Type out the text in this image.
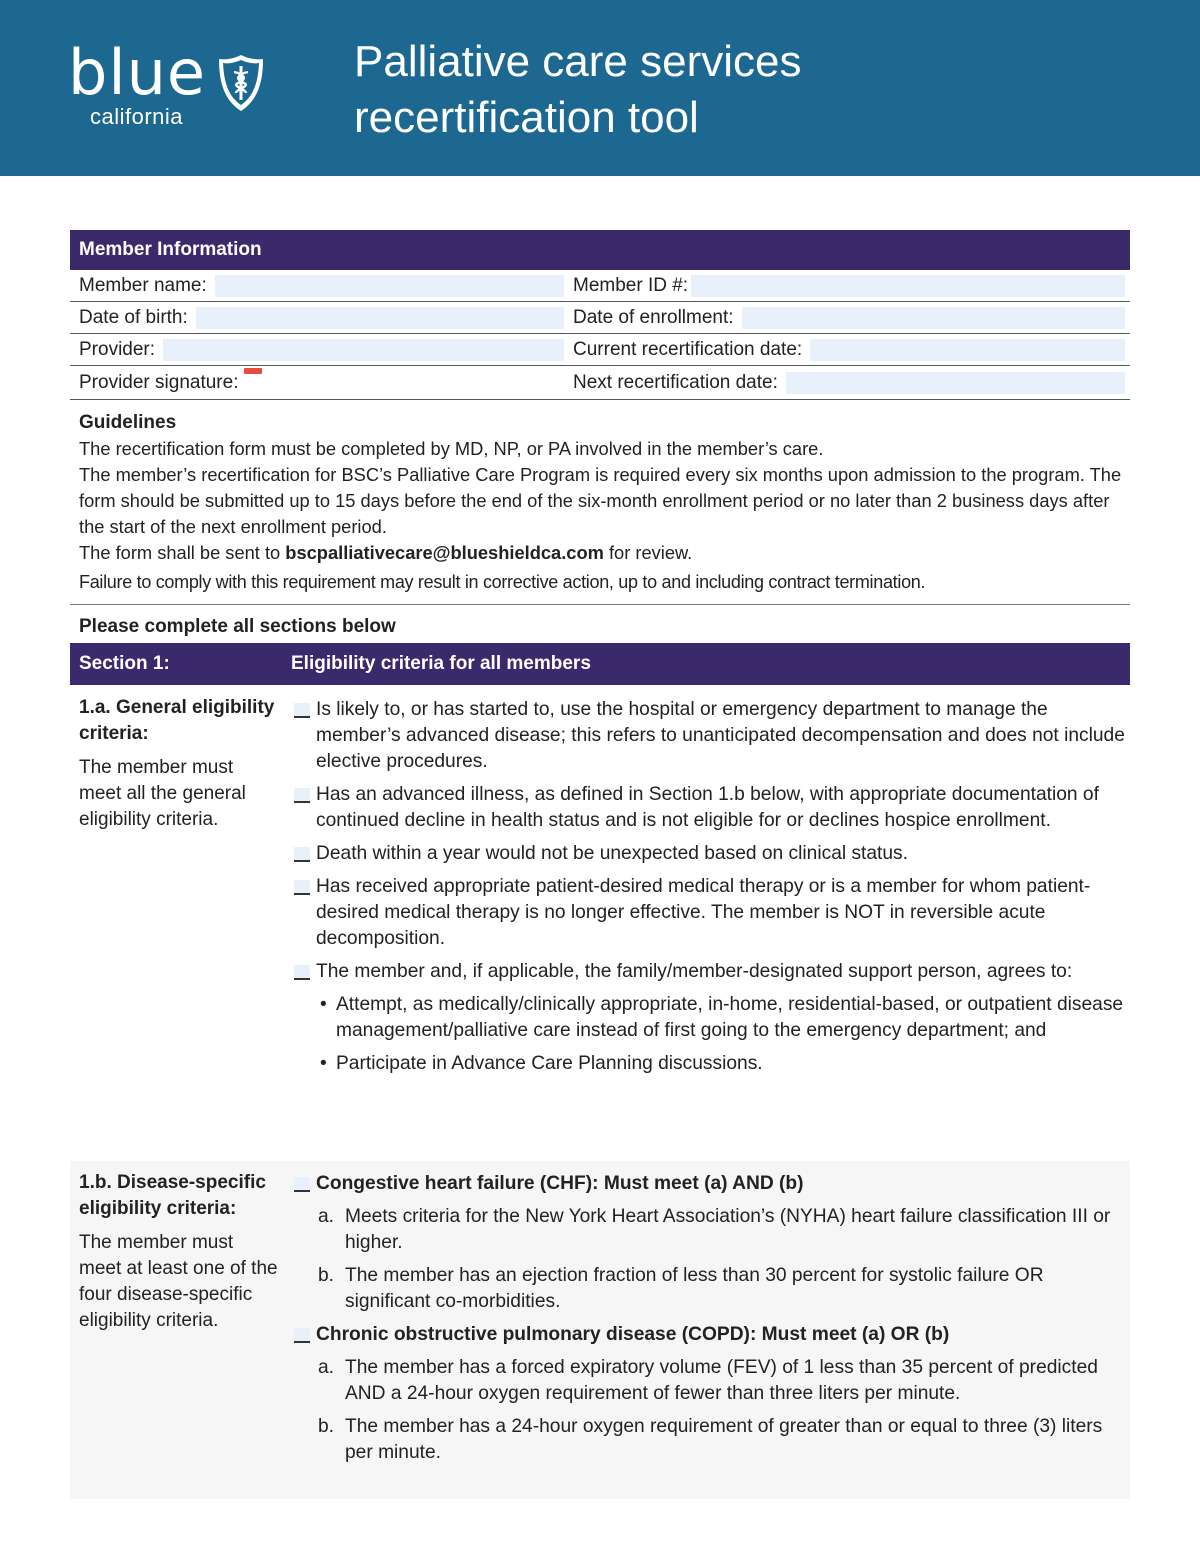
blue
california
Palliative care services
recertification tool
Member Information
Member name:	Member ID #:
Date of birth:	Date of enrollment:
Provider:	Current recertification date:
Provider signature:	Next recertification date:
Guidelines
The recertification form must be completed by MD, NP, or PA involved in the member’s care.
The member’s recertification for BSC’s Palliative Care Program is required every six months upon admission to the program. The form should be submitted up to 15 days before the end of the six-month enrollment period or no later than 2 business days after the start of the next enrollment period.
The form shall be sent to bscpalliativecare@blueshieldca.com for review.
Failure to comply with this requirement may result in corrective action, up to and including contract termination.
Please complete all sections below
Section 1:	Eligibility criteria for all members
1.a. General eligibility criteria:
The member must meet all the general eligibility criteria.
Is likely to, or has started to, use the hospital or emergency department to manage the member’s advanced disease; this refers to unanticipated decompensation and does not include elective procedures.
Has an advanced illness, as defined in Section 1.b below, with appropriate documentation of continued decline in health status and is not eligible for or declines hospice enrollment.
Death within a year would not be unexpected based on clinical status.
Has received appropriate patient-desired medical therapy or is a member for whom patient-desired medical therapy is no longer effective. The member is NOT in reversible acute decomposition.
The member and, if applicable, the family/member-designated support person, agrees to:
• Attempt, as medically/clinically appropriate, in-home, residential-based, or outpatient disease management/palliative care instead of first going to the emergency department; and
• Participate in Advance Care Planning discussions.
1.b. Disease-specific eligibility criteria:
The member must meet at least one of the four disease-specific eligibility criteria.
Congestive heart failure (CHF): Must meet (a) AND (b)
a. Meets criteria for the New York Heart Association’s (NYHA) heart failure classification III or higher.
b. The member has an ejection fraction of less than 30 percent for systolic failure OR significant co-morbidities.
Chronic obstructive pulmonary disease (COPD): Must meet (a) OR (b)
a. The member has a forced expiratory volume (FEV) of 1 less than 35 percent of predicted AND a 24-hour oxygen requirement of fewer than three liters per minute.
b. The member has a 24-hour oxygen requirement of greater than or equal to three (3) liters per minute.
